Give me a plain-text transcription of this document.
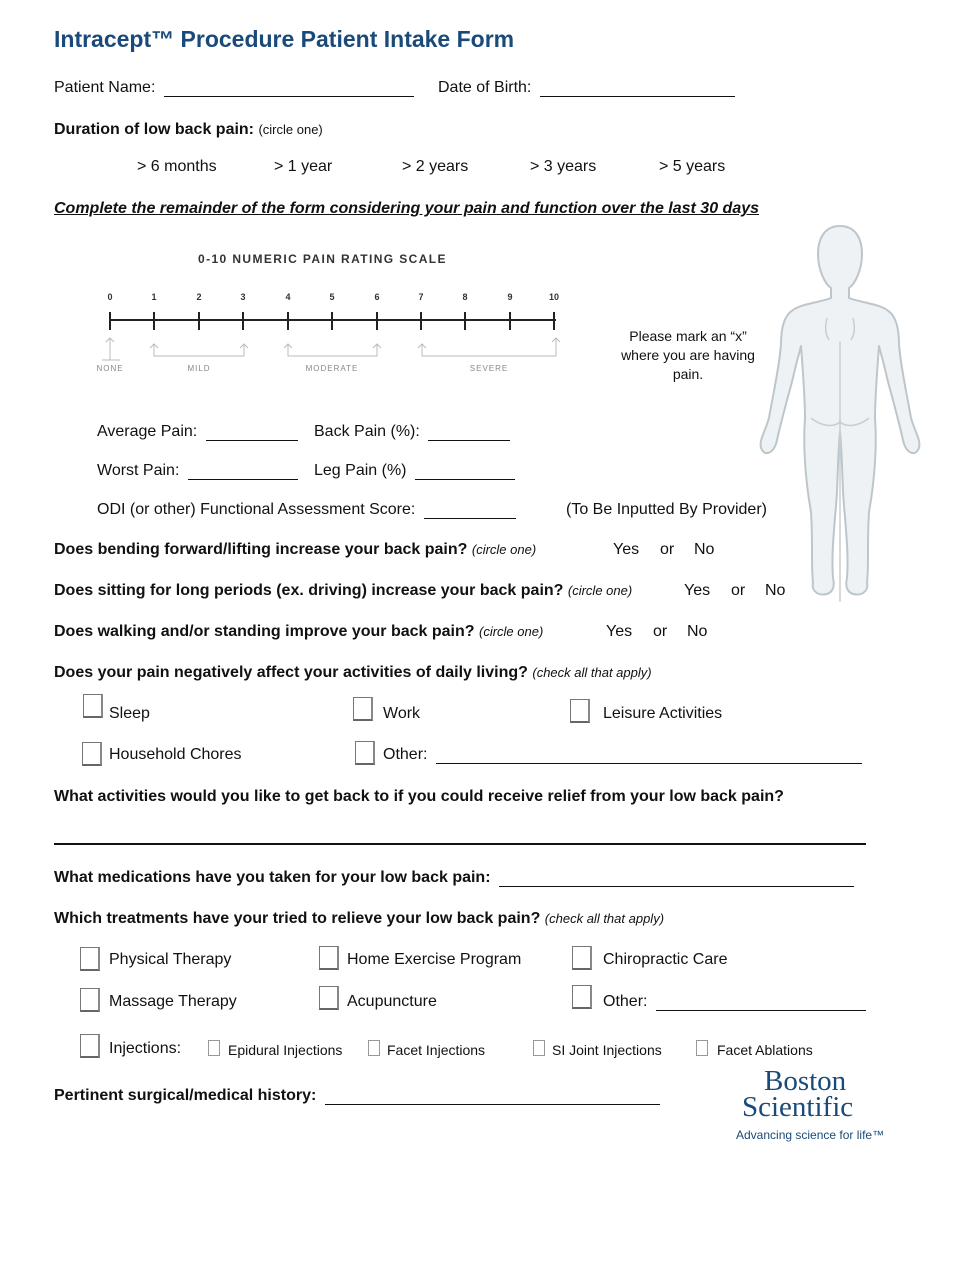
Intracept™ Procedure Patient Intake Form
Patient Name:	Date of Birth:
Duration of low back pain: (circle one)
> 6 months	> 1 year	> 2 years	> 3 years	> 5 years
Complete the remainder of the form considering your pain and function over the last 30 days
0-10 NUMERIC PAIN RATING SCALE
0	1	2	3	4	5	6	7	8	9	10
NONE	MILD	MODERATE	SEVERE
Please mark an “x” where you are having pain.
Average Pain:	Back Pain (%):
Worst Pain:	Leg Pain (%)
ODI (or other) Functional Assessment Score:	(To Be Inputted By Provider)
Does bending forward/lifting increase your back pain? (circle one)	Yes or No
Does sitting for long periods (ex. driving) increase your back pain? (circle one)	Yes or No
Does walking and/or standing improve your back pain? (circle one)	Yes or No
Does your pain negatively affect your activities of daily living? (check all that apply)
Sleep	Work	Leisure Activities
Household Chores	Other:
What activities would you like to get back to if you could receive relief from your low back pain?
What medications have you taken for your low back pain:
Which treatments have your tried to relieve your low back pain? (check all that apply)
Physical Therapy	Home Exercise Program	Chiropractic Care
Massage Therapy	Acupuncture	Other:
Injections:	Epidural Injections	Facet Injections	SI Joint Injections	Facet Ablations
Pertinent surgical/medical history:	Boston
Scientific
Advancing science for life™
